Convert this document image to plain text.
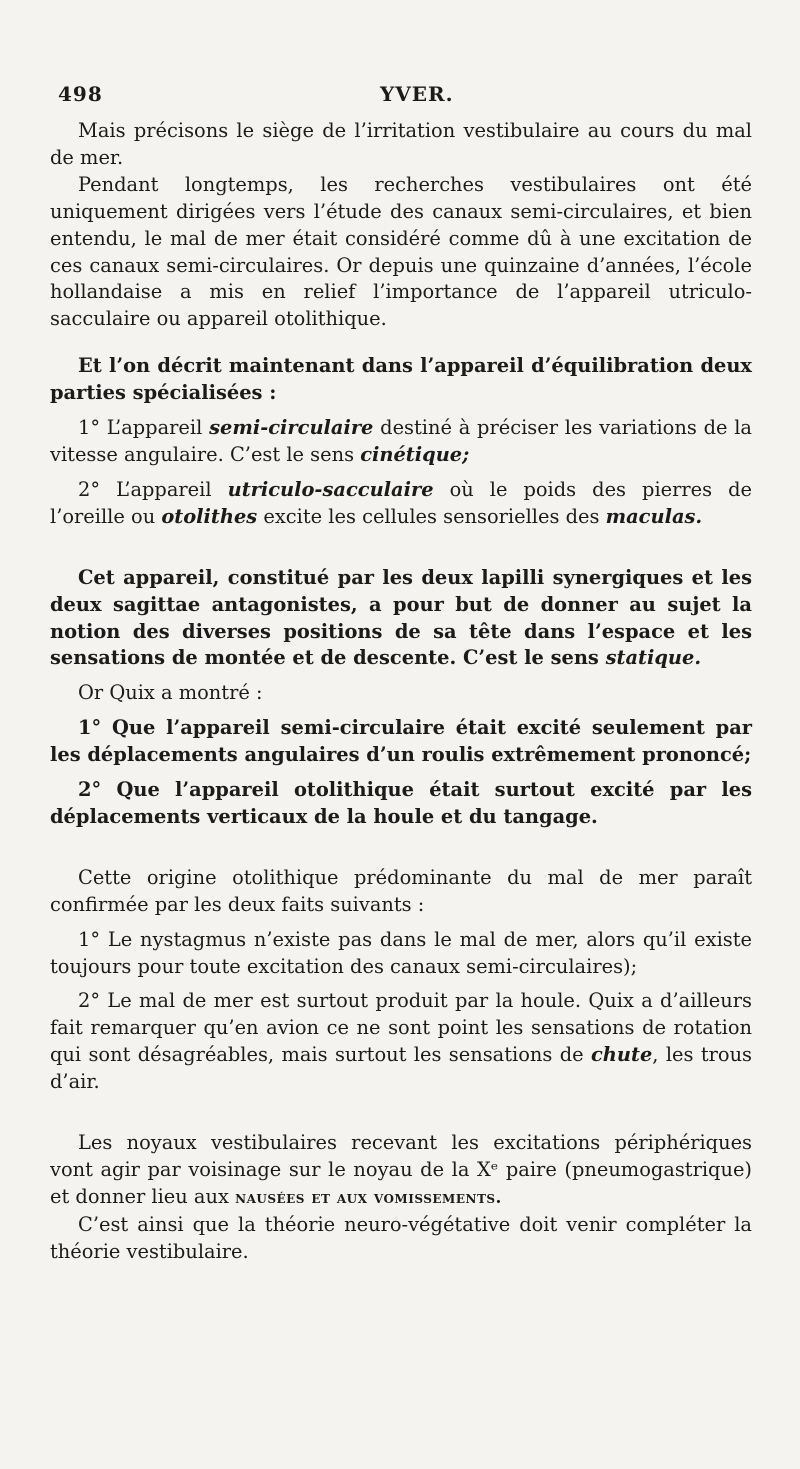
498	YVER.

Mais précisons le siège de l’irritation vestibulaire au cours du mal de mer.

Pendant longtemps, les recherches vestibulaires ont été uniquement dirigées vers l’étude des canaux semi-circulaires, et bien entendu, le mal de mer était considéré comme dû à une excitation de ces canaux semi-circulaires. Or depuis une quinzaine d’années, l’école hollandaise a mis en relief l’importance de l’appareil utriculo-sacculaire ou appareil otolithique.

Et l’on décrit maintenant dans l’appareil d’équilibration deux parties spécialisées :

1° L’appareil semi-circulaire destiné à préciser les variations de la vitesse angulaire. C’est le sens cinétique;

2° L’appareil utriculo-sacculaire où le poids des pierres de l’oreille ou otolithes excite les cellules sensorielles des maculas.

Cet appareil, constitué par les deux lapilli synergiques et les deux sagittae antagonistes, a pour but de donner au sujet la notion des diverses positions de sa tête dans l’espace et les sensations de montée et de descente. C’est le sens statique.

Or Quix a montré :

1° Que l’appareil semi-circulaire était excité seulement par les déplacements angulaires d’un roulis extrêmement prononcé;

2° Que l’appareil otolithique était surtout excité par les déplacements verticaux de la houle et du tangage.

Cette origine otolithique prédominante du mal de mer paraît confirmée par les deux faits suivants :

1° Le nystagmus n’existe pas dans le mal de mer, alors qu’il existe toujours pour toute excitation des canaux semi-circulaires);

2° Le mal de mer est surtout produit par la houle. Quix a d’ailleurs fait remarquer qu’en avion ce ne sont point les sensations de rotation qui sont désagréables, mais surtout les sensations de chute, les trous d’air.

Les noyaux vestibulaires recevant les excitations périphériques vont agir par voisinage sur le noyau de la Xᵉ paire (pneumogastrique) et donner lieu aux nausées et aux vomissements.

C’est ainsi que la théorie neuro-végétative doit venir compléter la théorie vestibulaire.
